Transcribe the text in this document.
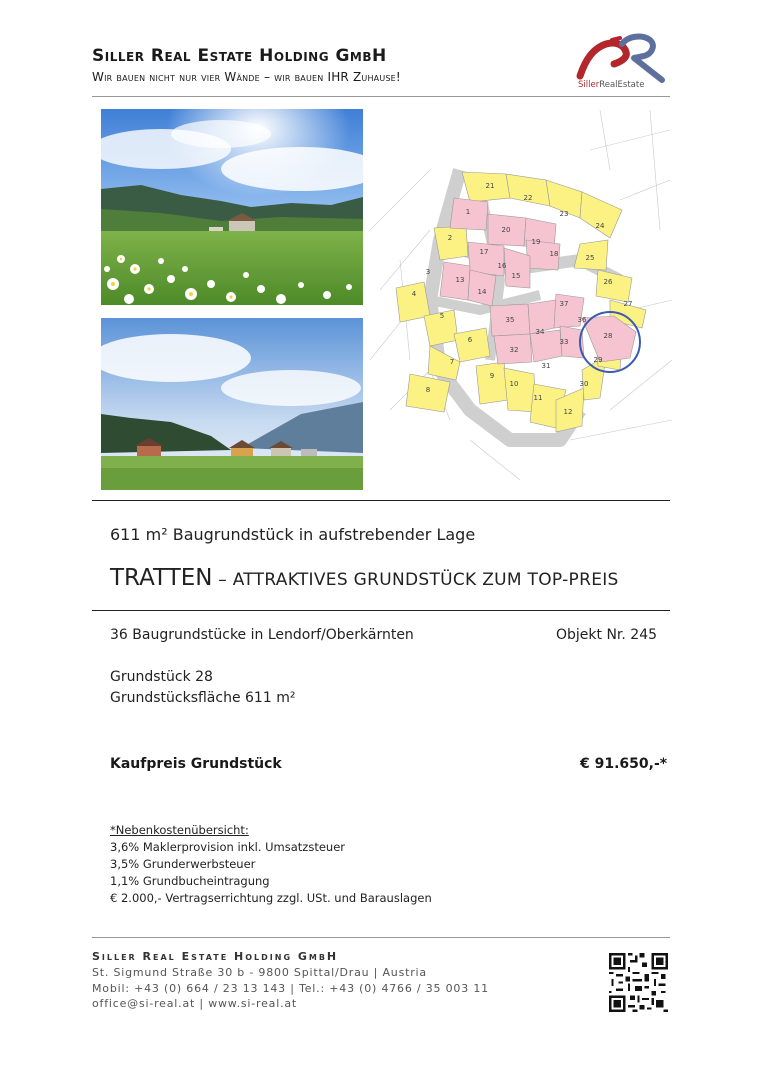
Siller Real Estate Holding GmbH
Wir bauen nicht nur vier Wände – wir bauen IHR Zuhause!
SillerRealEstate
21
22
23
24
1
2
20
19
18
17
16
15
25
3
13
14
26
27
4
5
37
35
34
36
28
6
32
33
29
7	31
9
30
8
10
11
12
611 m² Baugrundstück in aufstrebender Lage
TRATTEN – ATTRAKTIVES GRUNDSTÜCK ZUM TOP-PREIS
36 Baugrundstücke in Lendorf/Oberkärnten	Objekt Nr. 245
Grundstück 28
Grundstücksfläche 611 m²
Kaufpreis Grundstück	€ 91.650,-*
*Nebenkostenübersicht:
3,6% Maklerprovision inkl. Umsatzsteuer
3,5% Grunderwerbsteuer
1,1% Grundbucheintragung
€ 2.000,- Vertragserrichtung zzgl. USt. und Barauslagen
Siller Real Estate Holding GmbH
St. Sigmund Straße 30 b - 9800 Spittal/Drau | Austria
Mobil: +43 (0) 664 / 23 13 143 | Tel.: +43 (0) 4766 / 35 003 11
office@si-real.at | www.si-real.at
